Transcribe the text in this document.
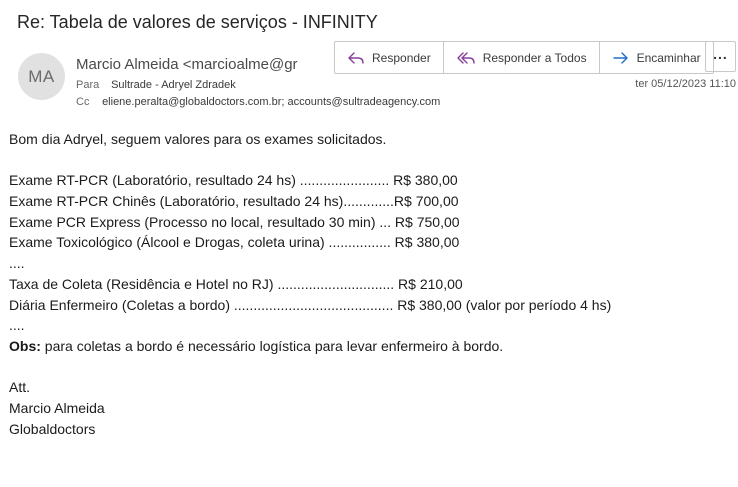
Re: Tabela de valores de serviços - INFINITY
MA
Marcio Almeida <marcioalme@gr
Para Sultrade - Adryel Zdradek
Cc eliene.peralta@globaldoctors.com.br; accounts@sultradeagency.com
Responder	Responder a Todos	Encaminhar ...
ter 05/12/2023 11:10
Bom dia Adryel, seguem valores para os exames solicitados.
Exame RT-PCR (Laboratório, resultado 24 hs) ....................... R$ 380,00
Exame RT-PCR Chinês (Laboratório, resultado 24 hs).............R$ 700,00
Exame PCR Express (Processo no local, resultado 30 min) ... R$ 750,00
Exame Toxicológico (Álcool e Drogas, coleta urina) ................ R$ 380,00
....
Taxa de Coleta (Residência e Hotel no RJ) .............................. R$ 210,00
Diária Enfermeiro (Coletas a bordo) ......................................... R$ 380,00 (valor por período 4 hs)
....
Obs: para coletas a bordo é necessário logística para levar enfermeiro à bordo.
Att.
Marcio Almeida
Globaldoctors
